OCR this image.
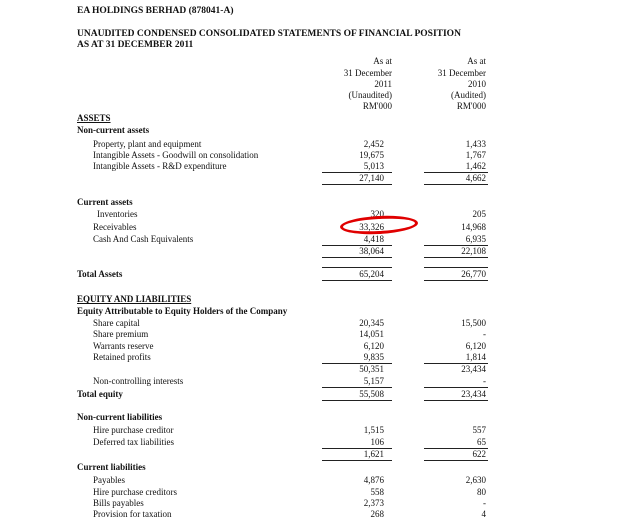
EA HOLDINGS BERHAD (878041-A)
UNAUDITED CONDENSED CONSOLIDATED STATEMENTS OF FINANCIAL POSITION
AS AT 31 DECEMBER 2011
As at
31 December
2011
(Unaudited)
RM'000
As at
31 December
2010
(Audited)
RM'000
ASSETS
Non-current assets
Property, plant and equipment	2,452	1,433
Intangible Assets - Goodwill on consolidation	19,675	1,767
Intangible Assets - R&D expenditure	5,013	1,462
27,140	4,662
Current assets
Inventories	320	205
Receivables	33,326	14,968
Cash And Cash Equivalents	4,418	6,935
38,064	22,108
Total Assets	65,204	26,770
EQUITY AND LIABILITIES
Equity Attributable to Equity Holders of the Company
Share capital	20,345	15,500
Share premium	14,051	-
Warrants reserve	6,120	6,120
Retained profits	9,835	1,814
50,351	23,434
Non-controlling interests	5,157	-
Total equity	55,508	23,434
Non-current liabilities
Hire purchase creditor	1,515	557
Deferred tax liabilities	106	65
1,621	622
Current liabilities
Payables	4,876	2,630
Hire purchase creditors	558	80
Bills payables	2,373	-
Provision for taxation	268	4
